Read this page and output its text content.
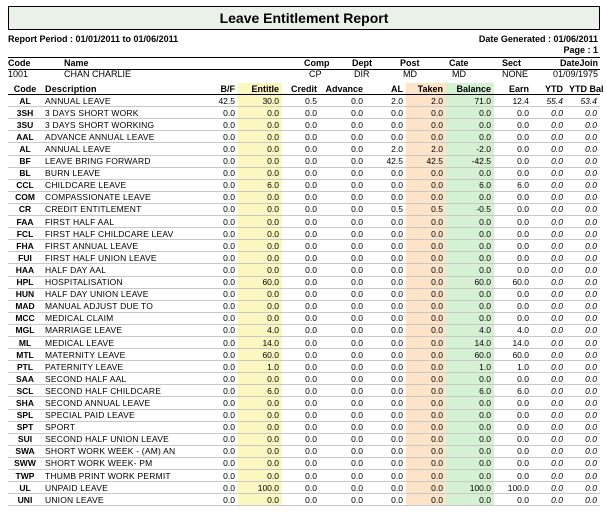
Leave Entitlement Report
Report Period : 01/01/2011 to 01/06/2011	Date Generated : 01/06/2011
Page : 1
Code	Name	Comp	Dept	Post	Cate	Sect	DateJoin
1001	CHAN CHARLIE	CP	DIR	MD	MD	NONE	01/09/1975
Code	Description	B/F	Entitle	Credit	Advance	AL	Taken	Balance	Earn	YTD	YTD Bal
AL	ANNUAL LEAVE	42.5	30.0	0.5	0.0	2.0	2.0	71.0	12.4	55.4	53.4
3SH	3 DAYS SHORT WORK	0.0	0.0	0.0	0.0	0.0	0.0	0.0	0.0	0.0	0.0
3SU	3 DAYS SHORT WORKING	0.0	0.0	0.0	0.0	0.0	0.0	0.0	0.0	0.0	0.0
AAL	ADVANCE ANNUAL LEAVE	0.0	0.0	0.0	0.0	0.0	0.0	0.0	0.0	0.0	0.0
AL	ANNUAL LEAVE	0.0	0.0	0.0	0.0	2.0	2.0	-2.0	0.0	0.0	0.0
BF	LEAVE BRING FORWARD	0.0	0.0	0.0	0.0	42.5	42.5	-42.5	0.0	0.0	0.0
BL	BURN LEAVE	0.0	0.0	0.0	0.0	0.0	0.0	0.0	0.0	0.0	0.0
CCL	CHILDCARE LEAVE	0.0	6.0	0.0	0.0	0.0	0.0	6.0	6.0	0.0	0.0
COM	COMPASSIONATE LEAVE	0.0	0.0	0.0	0.0	0.0	0.0	0.0	0.0	0.0	0.0
CR	CREDIT ENTITLEMENT	0.0	0.0	0.0	0.0	0.5	0.5	-0.5	0.0	0.0	0.0
FAA	FIRST HALF AAL	0.0	0.0	0.0	0.0	0.0	0.0	0.0	0.0	0.0	0.0
FCL	FIRST HALF CHILDCARE LEAV	0.0	0.0	0.0	0.0	0.0	0.0	0.0	0.0	0.0	0.0
FHA	FIRST ANNUAL LEAVE	0.0	0.0	0.0	0.0	0.0	0.0	0.0	0.0	0.0	0.0
FUI	FIRST HALF UNION LEAVE	0.0	0.0	0.0	0.0	0.0	0.0	0.0	0.0	0.0	0.0
HAA	HALF DAY AAL	0.0	0.0	0.0	0.0	0.0	0.0	0.0	0.0	0.0	0.0
HPL	HOSPITALISATION	0.0	60.0	0.0	0.0	0.0	0.0	60.0	60.0	0.0	0.0
HUN	HALF DAY UNION LEAVE	0.0	0.0	0.0	0.0	0.0	0.0	0.0	0.0	0.0	0.0
MAD	MANUAL ADJUST DUE TO	0.0	0.0	0.0	0.0	0.0	0.0	0.0	0.0	0.0	0.0
MCC	MEDICAL CLAIM	0.0	0.0	0.0	0.0	0.0	0.0	0.0	0.0	0.0	0.0
MGL	MARRIAGE LEAVE	0.0	4.0	0.0	0.0	0.0	0.0	4.0	4.0	0.0	0.0
ML	MEDICAL LEAVE	0.0	14.0	0.0	0.0	0.0	0.0	14.0	14.0	0.0	0.0
MTL	MATERNITY LEAVE	0.0	60.0	0.0	0.0	0.0	0.0	60.0	60.0	0.0	0.0
PTL	PATERNITY LEAVE	0.0	1.0	0.0	0.0	0.0	0.0	1.0	1.0	0.0	0.0
SAA	SECOND HALF AAL	0.0	0.0	0.0	0.0	0.0	0.0	0.0	0.0	0.0	0.0
SCL	SECOND HALF CHILDCARE	0.0	6.0	0.0	0.0	0.0	0.0	6.0	6.0	0.0	0.0
SHA	SECOND ANNUAL LEAVE	0.0	0.0	0.0	0.0	0.0	0.0	0.0	0.0	0.0	0.0
SPL	SPECIAL PAID LEAVE	0.0	0.0	0.0	0.0	0.0	0.0	0.0	0.0	0.0	0.0
SPT	SPORT	0.0	0.0	0.0	0.0	0.0	0.0	0.0	0.0	0.0	0.0
SUI	SECOND HALF UNION LEAVE	0.0	0.0	0.0	0.0	0.0	0.0	0.0	0.0	0.0	0.0
SWA	SHORT WORK WEEK - (AM) AN	0.0	0.0	0.0	0.0	0.0	0.0	0.0	0.0	0.0	0.0
SWW	SHORT WORK WEEK- PM	0.0	0.0	0.0	0.0	0.0	0.0	0.0	0.0	0.0	0.0
TWP	THUMB PRINT WORK PERMIT	0.0	0.0	0.0	0.0	0.0	0.0	0.0	0.0	0.0	0.0
UL	UNPAID LEAVE	0.0	100.0	0.0	0.0	0.0	0.0	100.0	100.0	0.0	0.0
UNI	UNION LEAVE	0.0	0.0	0.0	0.0	0.0	0.0	0.0	0.0	0.0	0.0
